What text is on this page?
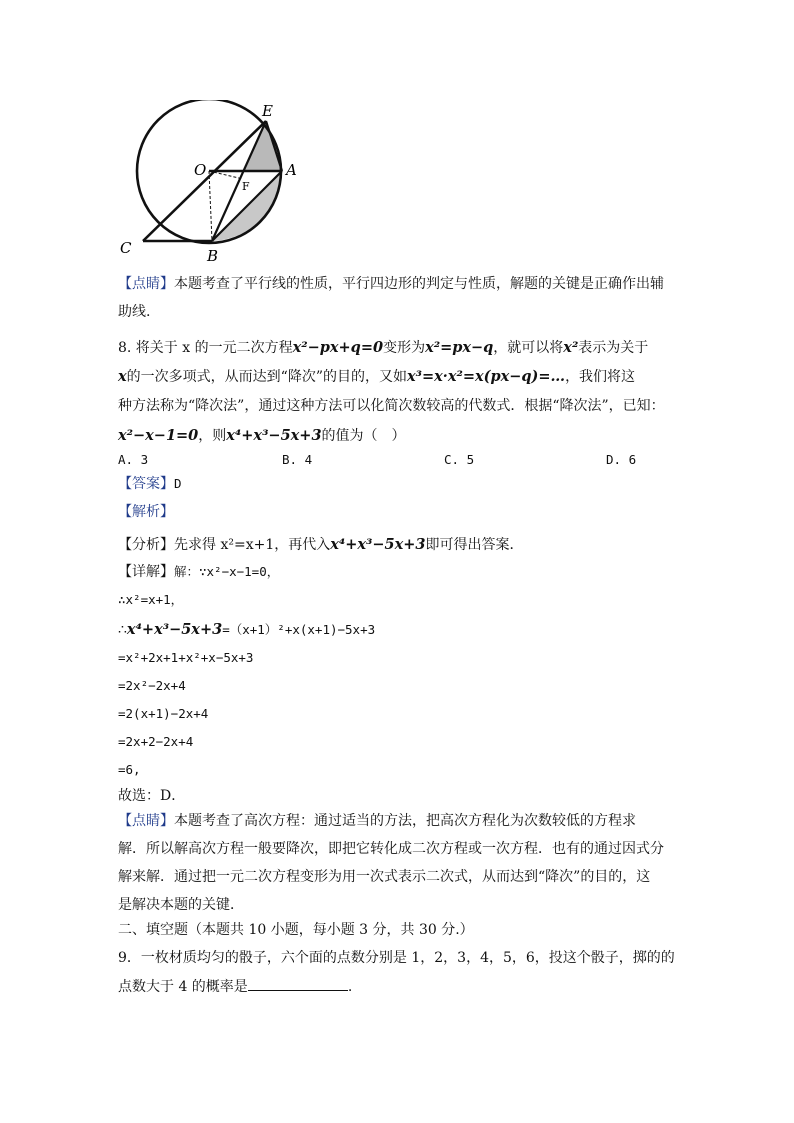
E
O	A
F
C	B
【点睛】本题考查了平行线的性质，平行四边形的判定与性质，解题的关键是正确作出辅
助线.
8. 将关于 x 的一元二次方程x²−px+q=0变形为x²=px−q，就可以将x²表示为关于
x的一次多项式，从而达到“降次”的目的，又如x³=x·x²=x(px−q)=…，我们将这
种方法称为“降次法”，通过这种方法可以化简次数较高的代数式．根据“降次法”，已知：
x²−x−1=0，则x⁴+x³−5x+3的值为（　）
A. 3	B. 4	C. 5	D. 6
【答案】D
【解析】
【分析】先求得 x²=x+1，再代入x⁴+x³−5x+3即可得出答案．
【详解】解：∵x²−x−1=0，
∴x²=x+1，
∴x⁴+x³−5x+3=（x+1）²+x(x+1)−5x+3
=x²+2x+1+x²+x−5x+3
=2x²−2x+4
=2(x+1)−2x+4
=2x+2−2x+4
=6,
故选：D．
【点睛】本题考查了高次方程：通过适当的方法，把高次方程化为次数较低的方程求
解．所以解高次方程一般要降次，即把它转化成二次方程或一次方程．也有的通过因式分
解来解．通过把一元二次方程变形为用一次式表示二次式，从而达到“降次”的目的，这
是解决本题的关键．
二、填空题（本题共 10 小题，每小题 3 分，共 30 分.）
9．一枚材质均匀的骰子，六个面的点数分别是 1，2，3，4，5，6，投这个骰子，掷的的
点数大于 4 的概率是	.
